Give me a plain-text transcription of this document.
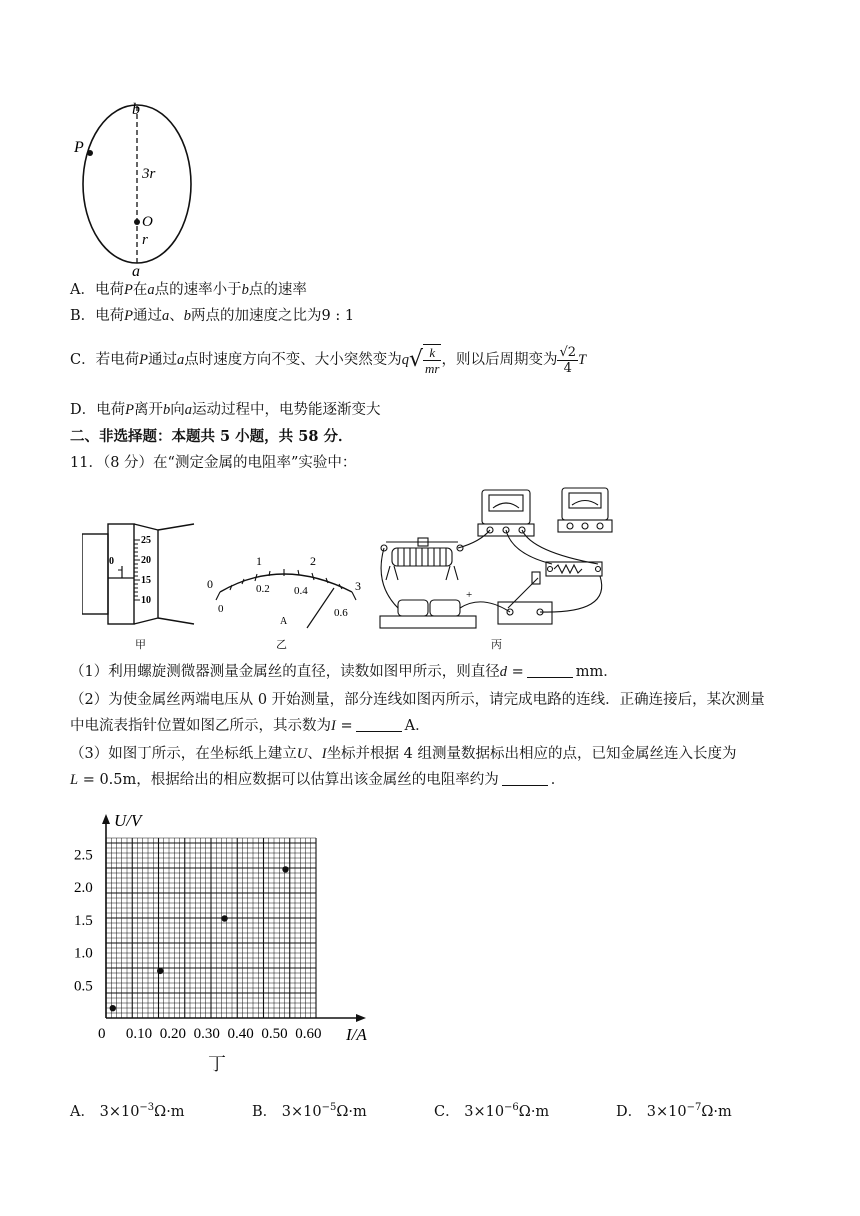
b
P
3r
O
r
a
A．电荷P在a点的速率小于b点的速率
B．电荷P通过a、b两点的加速度之比为9 : 1
C．若电荷P通过a点时速度方向不变、大小突然变为$q√ \frac{k}{mr}$ ，则以后周期变为 $\frac{√2}{4}$ T
D．电荷P离开b向a运动过程中，电势能逐渐变大
二、非选择题：本题共 5 小题，共 58 分．
11．（8 分）在“测定金属的电阻率”实验中：
0
25
20
15
10
甲
0
1	2
3
0
0.2 0.4
0.6
A
乙
+
丙
（1）利用螺旋测微器测量金属丝的直径，读数如图甲所示，则直径d =	mm．
（2）为使金属丝两端电压从 0 开始测量，部分连线如图丙所示，请完成电路的连线．正确连接后，某次测量
中电流表指针位置如图乙所示，其示数为I =	A．
（3）如图丁所示，在坐标纸上建立U、I坐标并根据 4 组测量数据标出相应的点，已知金属丝连入长度为
L = 0.5m，根据给出的相应数据可以估算出该金属丝的电阻率约为	．
0 0.10 0.20 0.30 0.40 0.50 0.60
0.5
1.0
1.5
2.0
2.5
I/A
U/V
丁
A． $3\times 10^{-3}\Omega\cdot m$	B． $3\times 10^{-5}\Omega\cdot m$	C． $3\times 10^{-6}\Omega\cdot m$	D． $3\times 10^{-7}\Omega\cdot m$
